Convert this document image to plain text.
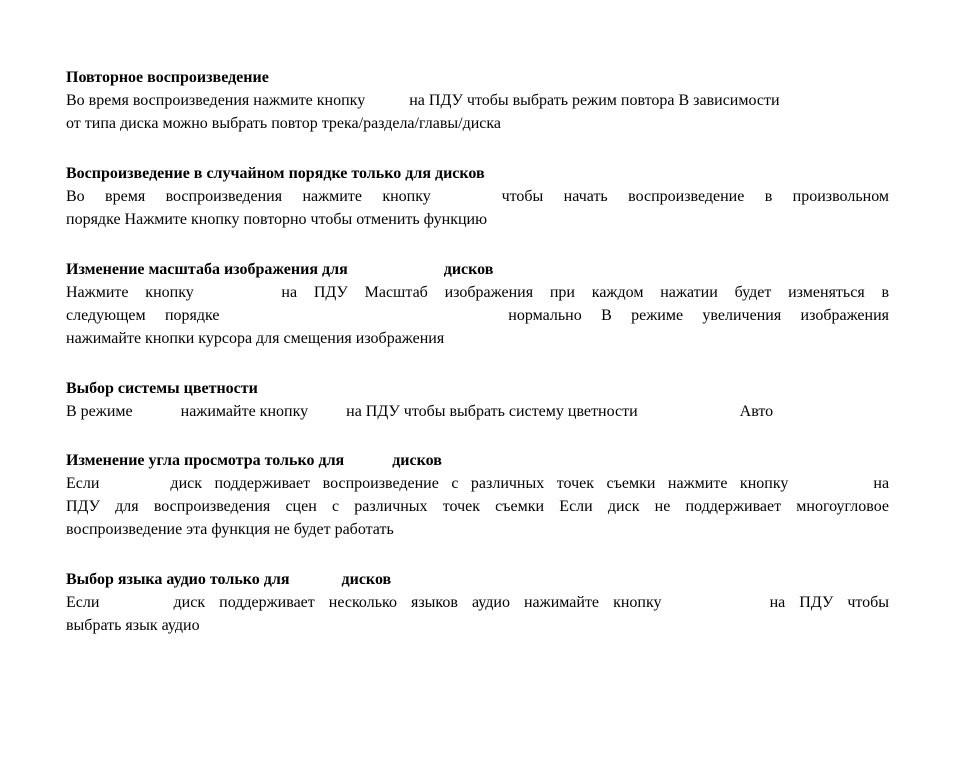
Повторное воспроизведение
Во время воспроизведения нажмите кнопку	на ПДУ чтобы выбрать режим повтора В зависимости
от типа диска можно выбрать повтор трека/раздела/главы/диска
Воспроизведение в случайном порядке только для дисков
Во время воспроизведения нажмите кнопку	чтобы начать воспроизведение в произвольном
порядке Нажмите кнопку повторно чтобы отменить функцию
Изменение масштаба изображения для	дисков
Нажмите кнопку	на ПДУ Масштаб изображения при каждом нажатии будет изменяться в
следующем порядке	нормально В режиме увеличения изображения
нажимайте кнопки курсора для смещения изображения
Выбор системы цветности
В режиме	нажимайте кнопку на ПДУ чтобы выбрать систему цветности	Авто
Изменение угла просмотра только для	дисков
Если	диск поддерживает воспроизведение с различных точек съемки нажмите кнопку	на
ПДУ для воспроизведения сцен с различных точек съемки Если диск не поддерживает многоугловое
воспроизведение эта функция не будет работать
Выбор языка аудио только для	дисков
Если	диск поддерживает несколько языков аудио нажимайте кнопку	на ПДУ чтобы
выбрать язык аудио
